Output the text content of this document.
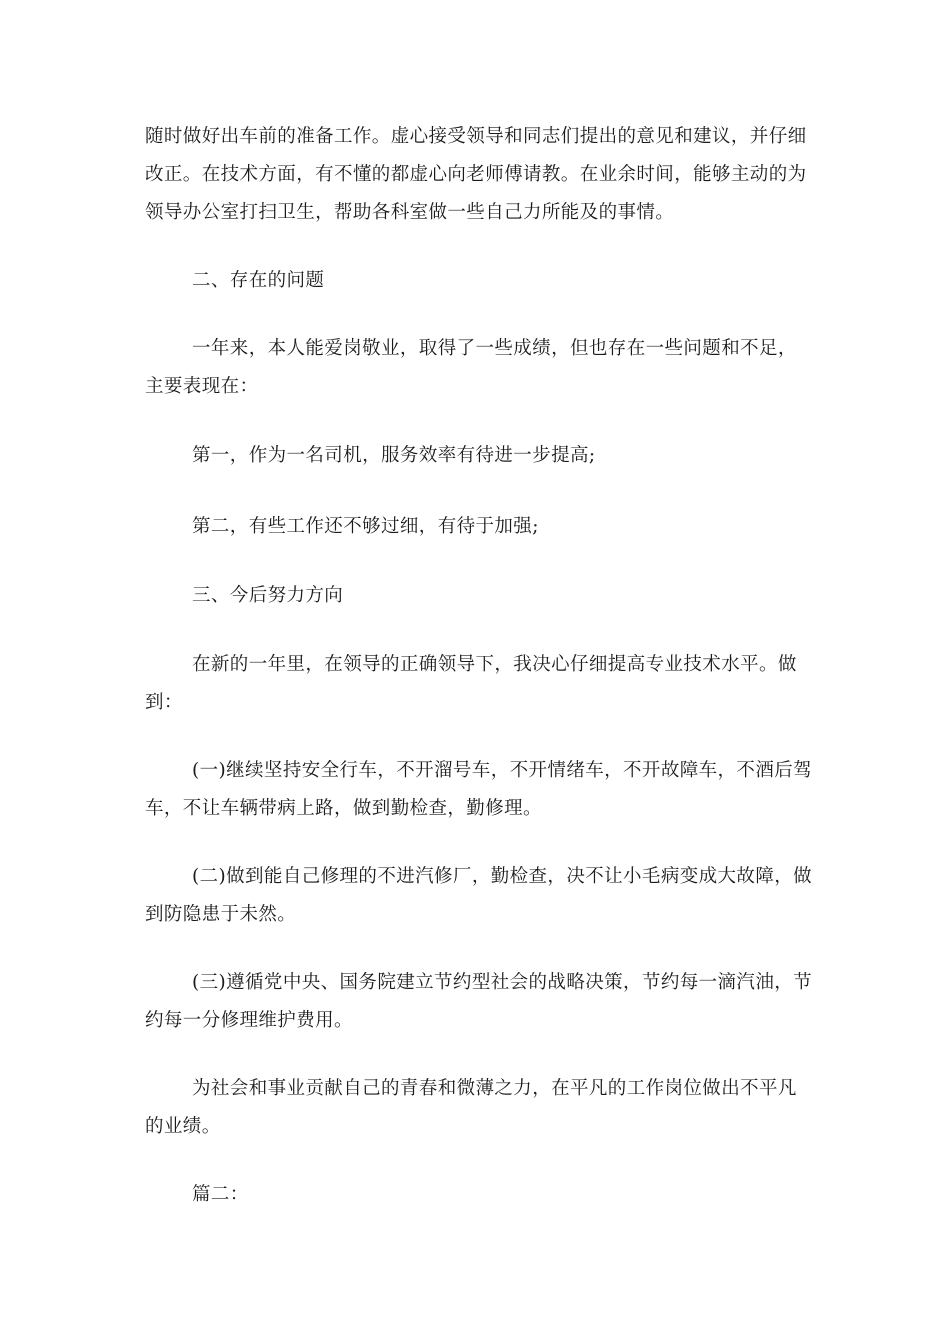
随时做好出车前的准备工作。虚心接受领导和同志们提出的意见和建议，并仔细改正。在技术方面，有不懂的都虚心向老师傅请教。在业余时间，能够主动的为领导办公室打扫卫生，帮助各科室做一些自己力所能及的事情。

二、存在的问题

一年来，本人能爱岗敬业，取得了一些成绩，但也存在一些问题和不足，主要表现在：

第一，作为一名司机，服务效率有待进一步提高;

第二，有些工作还不够过细，有待于加强;

三、今后努力方向

在新的一年里，在领导的正确领导下，我决心仔细提高专业技术水平。做到：

(一)继续坚持安全行车，不开溜号车，不开情绪车，不开故障车，不酒后驾车，不让车辆带病上路，做到勤检查，勤修理。

(二)做到能自己修理的不进汽修厂，勤检查，决不让小毛病变成大故障，做到防隐患于未然。

(三)遵循党中央、国务院建立节约型社会的战略决策，节约每一滴汽油，节约每一分修理维护费用。

为社会和事业贡献自己的青春和微薄之力，在平凡的工作岗位做出不平凡的业绩。

篇二：
